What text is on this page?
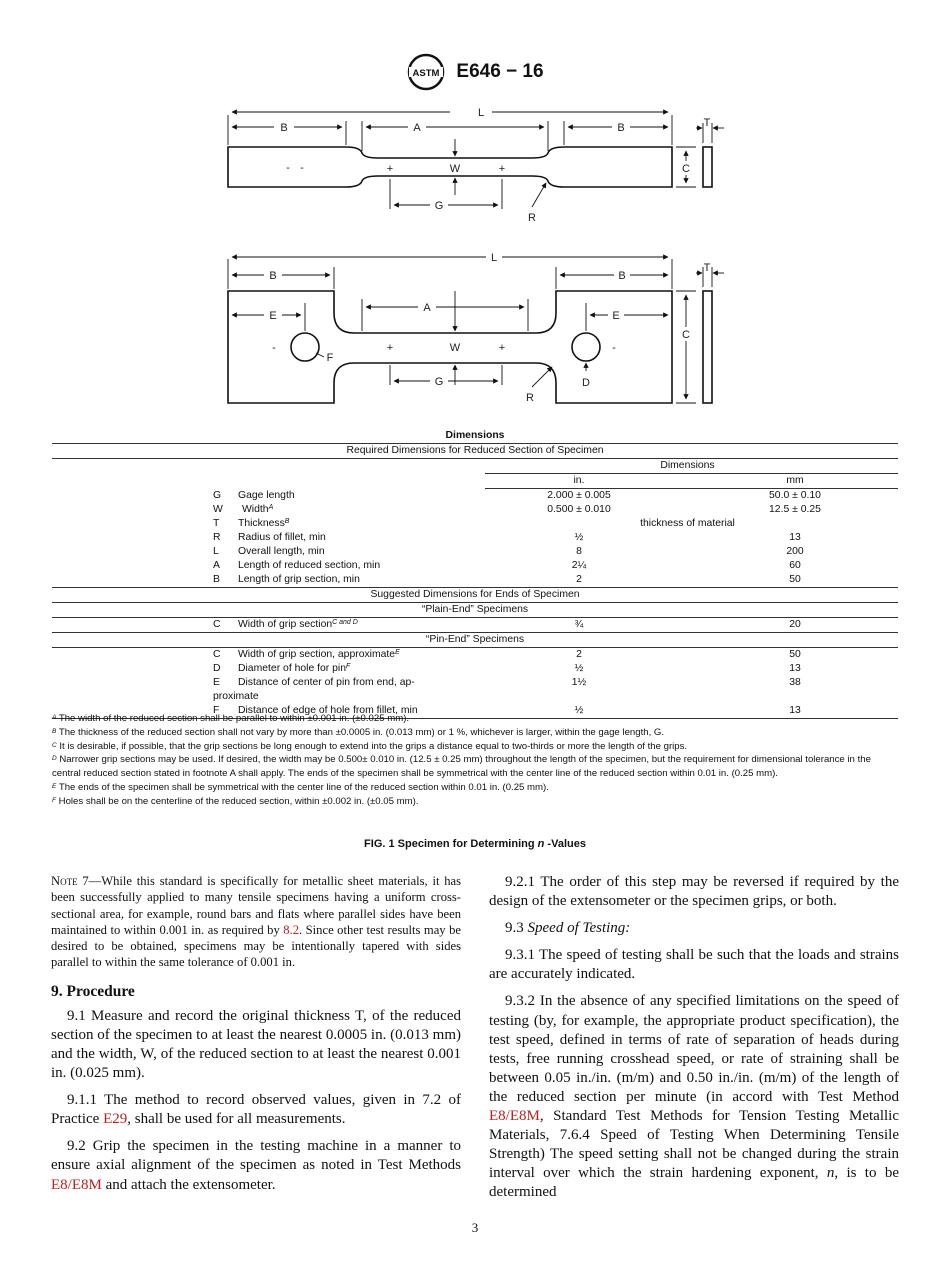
ASTM E646 − 16
L
B	A	B
W
+	+
- -
G
R
C
T
L
B	B
A
E	E
W
+	+
-	-
G
R
F
D
C
T
Dimensions
Required Dimensions for Reduced Section of Specimen
Dimensions
in.	mm
G Gage length	2.000 ± 0.005	50.0 ± 0.10
W Width$^A$	0.500 ± 0.010	12.5 ± 0.25
T Thickness$^B$	thickness of material
R Radius of fillet, min	½	13
L Overall length, min	8	200
A Length of reduced section, min	2¼	60
B Length of grip section, min	2	50
Suggested Dimensions for Ends of Specimen
“Plain-End” Specimens
C Width of grip section$^{C and D}$	¾	20
“Pin-End” Specimens
C Width of grip section, approximate$^E$	2	50
D Diameter of hole for pin$^F$	½	13
E Distance of center of pin from end, ap-	1½	38
proximate
F Distance of edge of hole from fillet, min	½	13

$^A$ The width of the reduced section shall be parallel to within ±0.001 in. (±0.025 mm).

$^B$ The thickness of the reduced section shall not vary by more than ±0.0005 in. (0.013 mm) or 1 %, whichever is larger, within the gage length, G.

$^C$ It is desirable, if possible, that the grip sections be long enough to extend into the grips a distance equal to two-thirds or more the length of the grips.

$^D$ Narrower grip sections may be used. If desired, the width may be 0.500± 0.010 in. (12.5 ± 0.25 mm) throughout the length of the specimen, but the requirement for dimensional tolerance in the central reduced section stated in footnote A shall apply. The ends of the specimen shall be symmetrical with the center line of the reduced section within 0.01 in. (0.25 mm).

$^E$ The ends of the specimen shall be symmetrical with the center line of the reduced section within 0.01 in. (0.25 mm).

$^F$ Holes shall be on the centerline of the reduced section, within ±0.002 in. (±0.05 mm).

FIG. 1 Specimen for Determining n -Values

Note 7—While this standard is specifically for metallic sheet materials, it has been successfully applied to many tensile specimens having a uniform cross-sectional area, for example, round bars and flats where parallel sides have been maintained to within 0.001 in. as required by 8.2. Since other test results may be desired to be obtained, specimens may be intentionally tapered with sides parallel to within the same tolerance of 0.001 in.

9. Procedure

9.1 Measure and record the original thickness T, of the reduced section of the specimen to at least the nearest 0.0005 in. (0.013 mm) and the width, W, of the reduced section to at least the nearest 0.001 in. (0.025 mm).

9.1.1 The method to record observed values, given in 7.2 of Practice E29, shall be used for all measurements.

9.2 Grip the specimen in the testing machine in a manner to ensure axial alignment of the specimen as noted in Test Methods E8/E8M and attach the extensometer.

9.2.1 The order of this step may be reversed if required by the design of the extensometer or the specimen grips, or both.

9.3 Speed of Testing:

9.3.1 The speed of testing shall be such that the loads and strains are accurately indicated.

9.3.2 In the absence of any specified limitations on the speed of testing (by, for example, the appropriate product specification), the test speed, defined in terms of rate of separation of heads during tests, free running crosshead speed, or rate of straining shall be between 0.05 in./in. (m/m) and 0.50 in./in. (m/m) of the length of the reduced section per minute (in accord with Test Method E8/E8M, Standard Test Methods for Tension Testing Metallic Materials, 7.6.4 Speed of Testing When Determining Tensile Strength) The speed setting shall not be changed during the strain interval over which the strain hardening exponent, n, is to be determined

3
